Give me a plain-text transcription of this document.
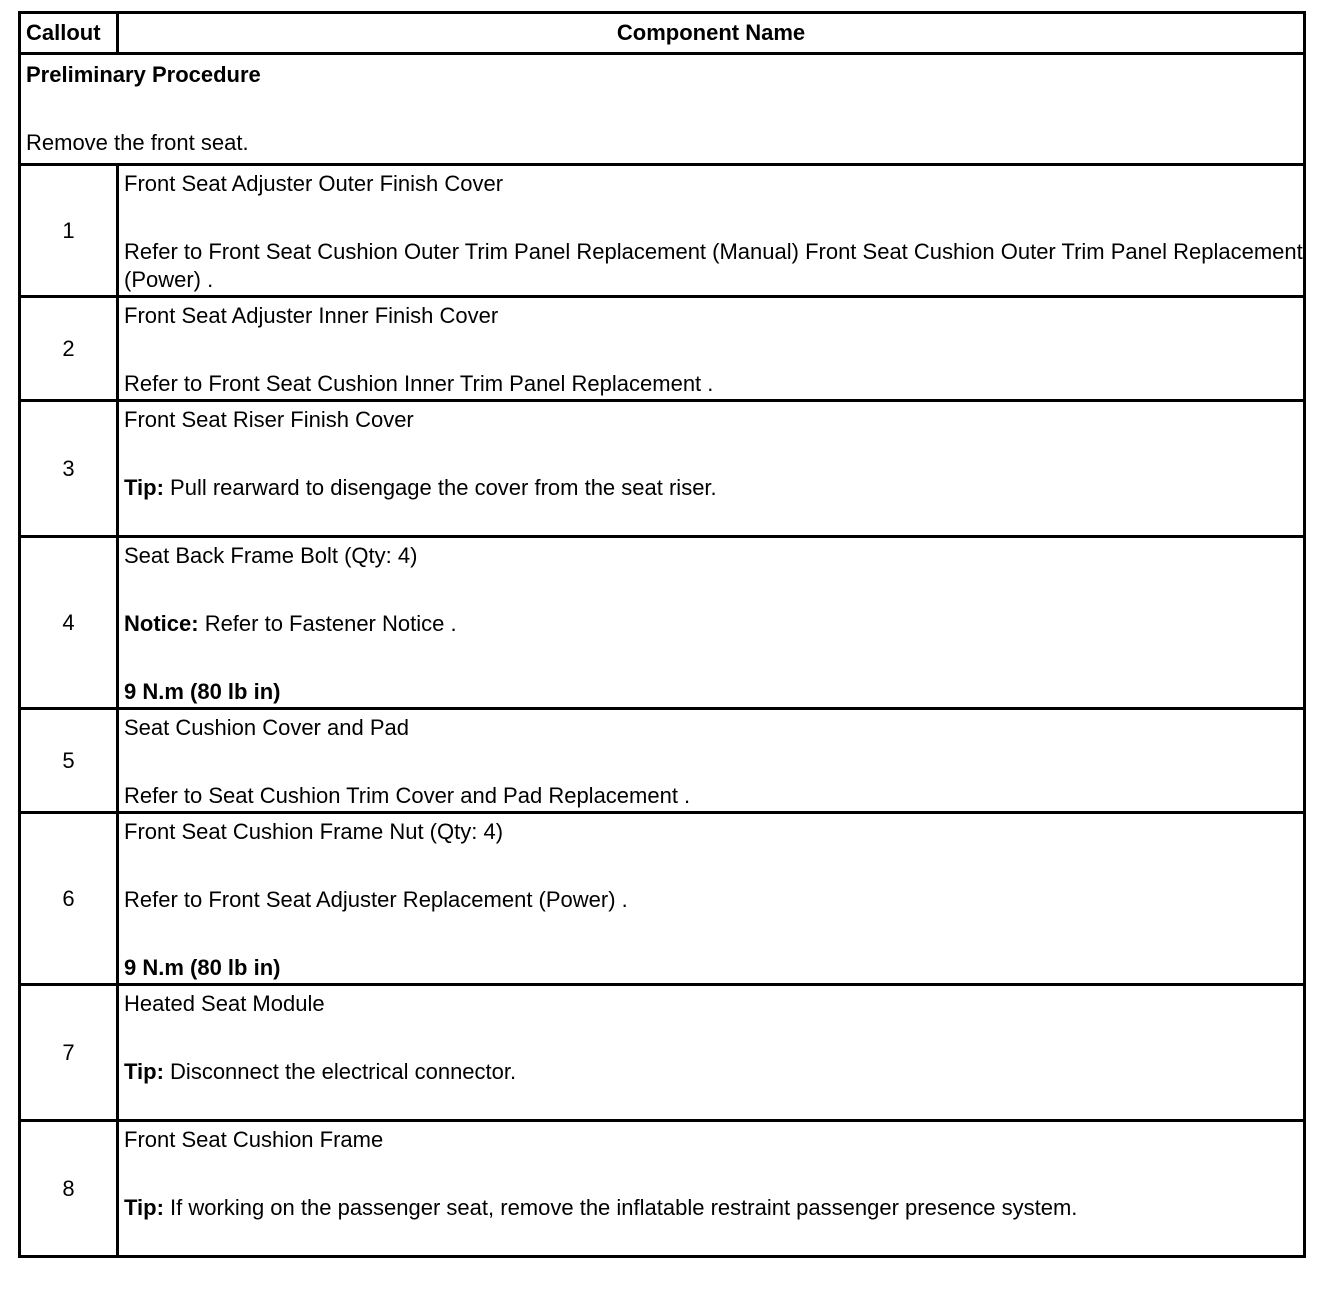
Callout	Component Name

Preliminary Procedure

Remove the front seat.	

1	Front Seat Adjuster Outer Finish Cover

Refer to Front Seat Cushion Outer Trim Panel Replacement (Manual) Front Seat Cushion Outer Trim Panel Replacement (Power) .

2	Front Seat Adjuster Inner Finish Cover

Refer to Front Seat Cushion Inner Trim Panel Replacement .

3	Front Seat Riser Finish Cover

Tip: Pull rearward to disengage the cover from the seat riser.

4	Seat Back Frame Bolt (Qty: 4)

Notice: Refer to Fastener Notice .

9 N.m (80 lb in)

5	Seat Cushion Cover and Pad

Refer to Seat Cushion Trim Cover and Pad Replacement .

6	Front Seat Cushion Frame Nut (Qty: 4)

Refer to Front Seat Adjuster Replacement (Power) .

9 N.m (80 lb in)

7	Heated Seat Module

Tip: Disconnect the electrical connector.

8	Front Seat Cushion Frame

Tip: If working on the passenger seat, remove the inflatable restraint passenger presence system.
